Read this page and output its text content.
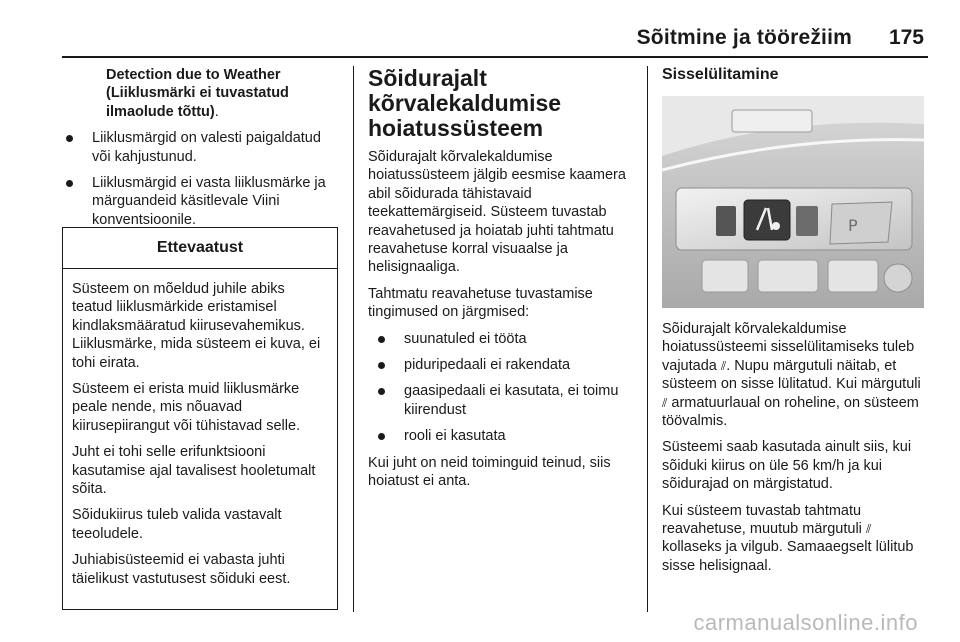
Sõitmine ja töörežiim 175

Detection due to Weather (Liiklusmärki ei tuvastatud ilmaolude tõttu).

Liiklusmärgid on valesti paigaldatud või kahjustunud.
Liiklusmärgid ei vasta liiklusmärke ja märguandeid käsitlevale Viini konventsioonile.
Ettevaatust

Süsteem on mõeldud juhile abiks teatud liiklusmärkide eristamisel kindlaksmääratud kiirusevahemikus. Liiklusmärke, mida süsteem ei kuva, ei tohi eirata.

Süsteem ei erista muid liiklusmärke peale nende, mis nõuavad kiirusepiirangut või tühistavad selle.

Juht ei tohi selle erifunktsiooni kasutamise ajal tavalisest hooletumalt sõita.

Sõidukiirus tuleb valida vastavalt teeoludele.

Juhiabisüsteemid ei vabasta juhti täielikust vastutusest sõiduki eest.

Sõidurajalt kõrvalekaldumise hoiatussüsteem

Sõidurajalt kõrvalekaldumise hoiatussüsteem jälgib eesmise kaamera abil sõidurada tähistavaid teekattemärgiseid. Süsteem tuvastab reavahetused ja hoiatab juhti tahtmatu reavahetuse korral visuaalse ja helisignaaliga.

Tahtmatu reavahetuse tuvastamise tingimused on järgmised:

suunatuled ei tööta
piduripedaali ei rakendata
gaasipedaali ei kasutata, ei toimu kiirendust
rooli ei kasutata

Kui juht on neid toiminguid teinud, siis hoiatust ei anta.

Sisselülitamine
P

Sõidurajalt kõrvalekaldumise hoiatussüsteemi sisselülitamiseks tuleb vajutada ⫽. Nupu märgutuli näitab, et süsteem on sisse lülitatud. Kui märgutuli ⫽ armatuurlaual on roheline, on süsteem töövalmis.

Süsteemi saab kasutada ainult siis, kui sõiduki kiirus on üle 56 km/h ja kui sõidurajad on märgistatud.

Kui süsteem tuvastab tahtmatu reavahetuse, muutub märgutuli ⫽ kollaseks ja vilgub. Samaaegselt lülitub sisse helisignaal.

carmanualsonline.info
